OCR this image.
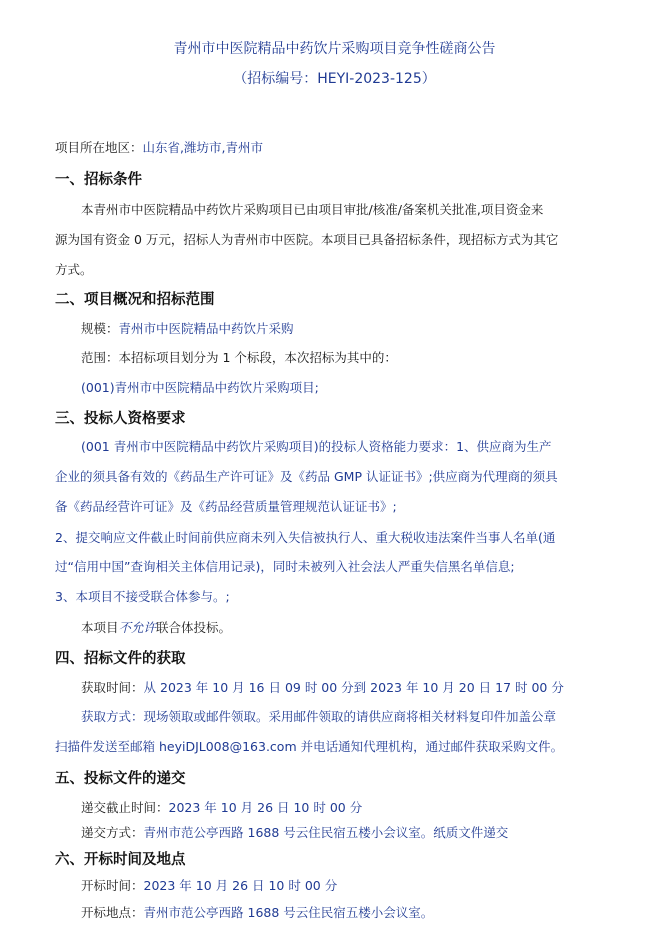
青州市中医院精品中药饮片采购项目竞争性磋商公告
（招标编号：HEYI-2023-125）
项目所在地区：山东省,潍坊市,青州市
一、招标条件
本青州市中医院精品中药饮片采购项目已由项目审批/核准/备案机关批准,项目资金来
源为国有资金 0 万元，招标人为青州市中医院。本项目已具备招标条件，现招标方式为其它
方式。
二、项目概况和招标范围
规模：青州市中医院精品中药饮片采购
范围：本招标项目划分为 1 个标段，本次招标为其中的：
(001)青州市中医院精品中药饮片采购项目;
三、投标人资格要求
(001 青州市中医院精品中药饮片采购项目)的投标人资格能力要求：1、供应商为生产
企业的须具备有效的《药品生产许可证》及《药品 GMP 认证证书》;供应商为代理商的须具
备《药品经营许可证》及《药品经营质量管理规范认证证书》;
2、提交响应文件截止时间前供应商未列入失信被执行人、重大税收违法案件当事人名单(通
过“信用中国”查询相关主体信用记录)，同时未被列入社会法人严重失信黑名单信息;
3、本项目不接受联合体参与。;
本项目不允许联合体投标。
四、招标文件的获取
获取时间：从 2023 年 10 月 16 日 09 时 00 分到 2023 年 10 月 20 日 17 时 00 分
获取方式：现场领取或邮件领取。采用邮件领取的请供应商将相关材料复印件加盖公章
扫描件发送至邮箱 heyiDJL008@163.com 并电话通知代理机构，通过邮件获取采购文件。
五、投标文件的递交
递交截止时间：2023 年 10 月 26 日 10 时 00 分
递交方式：青州市范公亭西路 1688 号云住民宿五楼小会议室。纸质文件递交
六、开标时间及地点
开标时间：2023 年 10 月 26 日 10 时 00 分
开标地点：青州市范公亭西路 1688 号云住民宿五楼小会议室。
